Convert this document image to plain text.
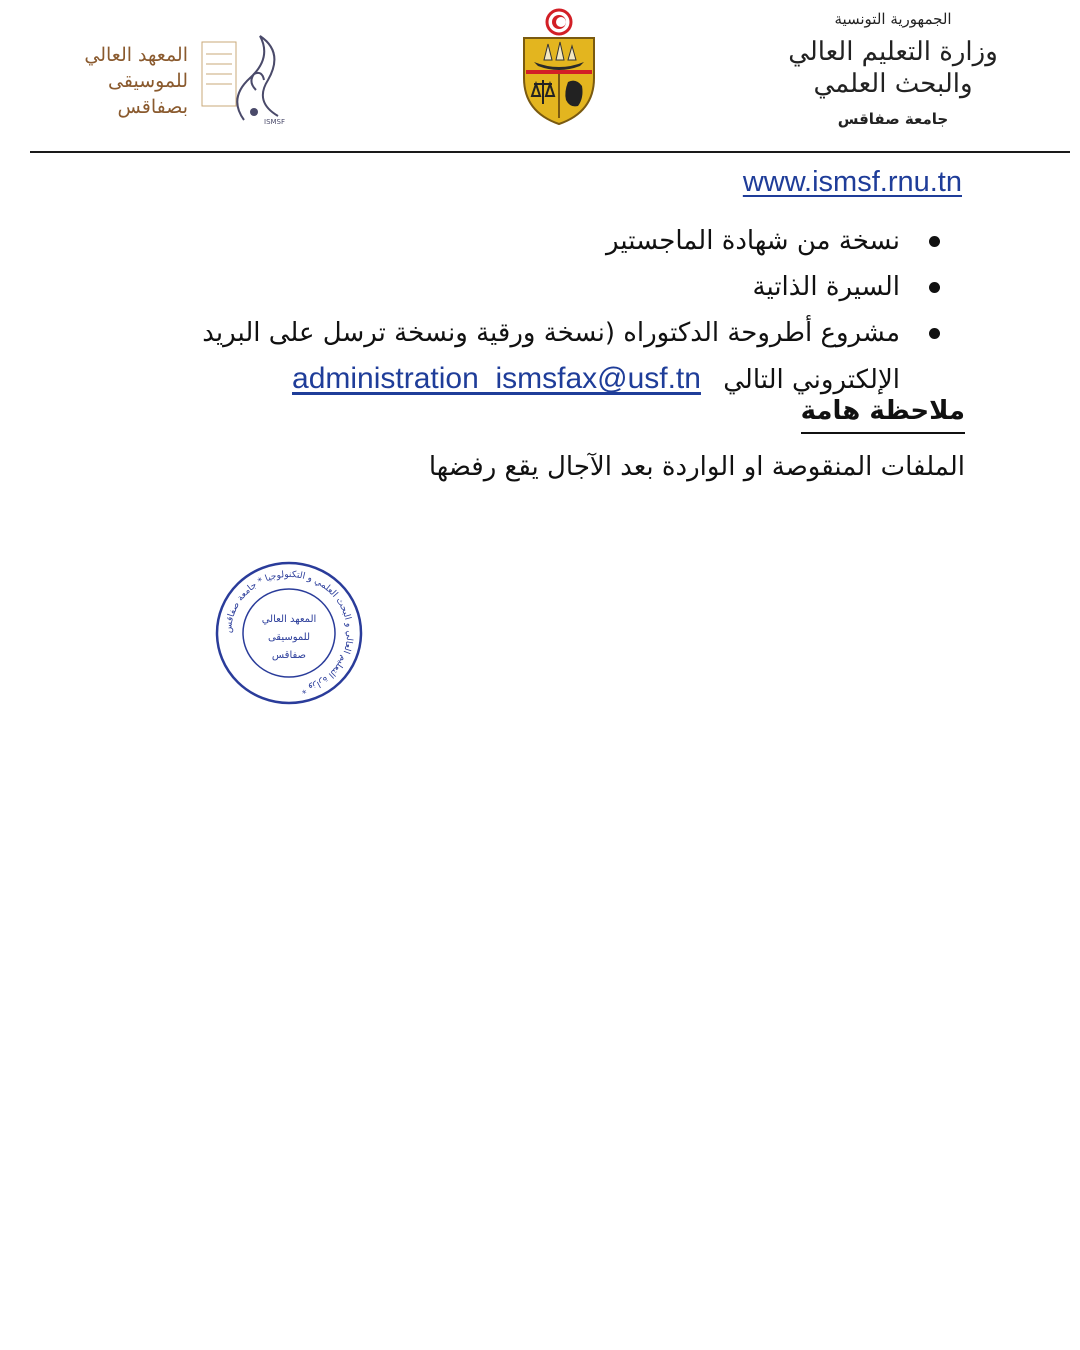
الجمهورية التونسية
وزارة التعليم العالي
والبحث العلمي
جامعة صفاقس
المعهد العالي
للموسيقى
بصفاقس
ISMSF
www.ismsf.rnu.tn
نسخة من شهادة الماجستير
السيرة الذاتية
مشروع أطروحة الدكتوراه (نسخة ورقية ونسخة ترسل على البريد
الإلكتروني التالي administration_ismsfax@usf.tn
ملاحظة هامة
الملفات المنقوصة او الواردة بعد الآجال يقع رفضها
وزارة التعليم العالي و البحث العلمي و التكنولوجيا * جامعة صفاقس *
المعهد العالي
للموسيقى
صفاقس
